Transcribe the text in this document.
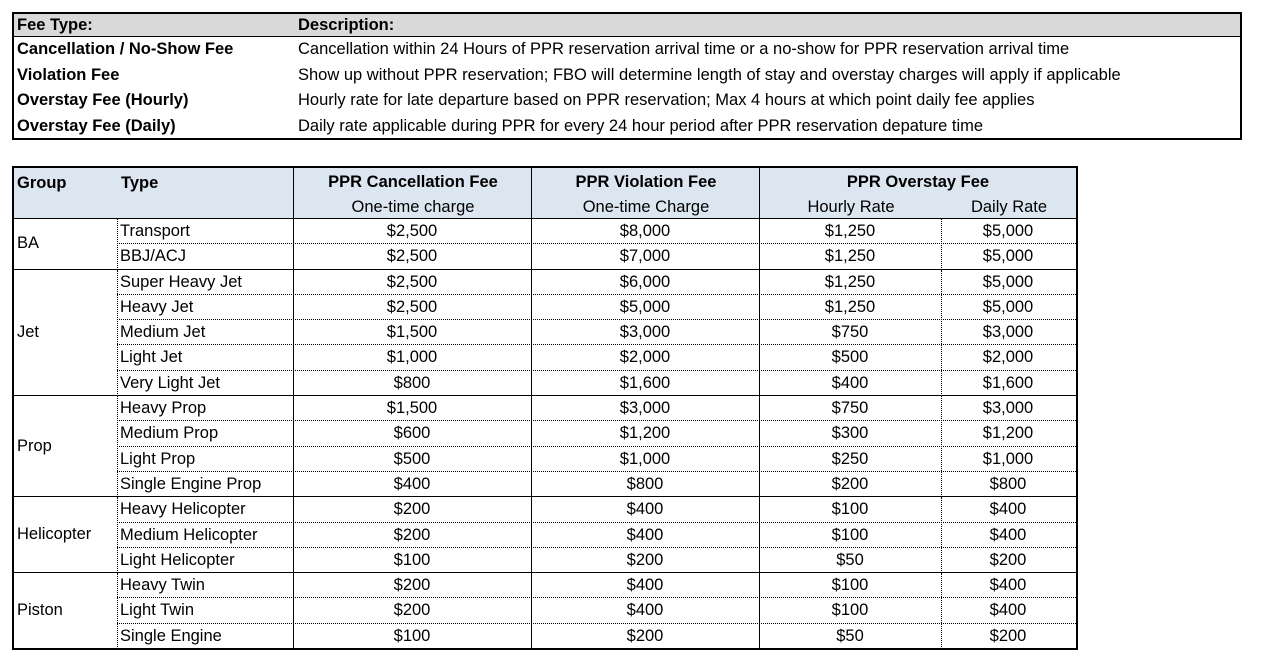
Fee Type:	Description:
Cancellation / No-Show Fee	Cancellation within 24 Hours of PPR reservation arrival time or a no-show for PPR reservation arrival time
Violation Fee	Show up without PPR reservation; FBO will determine length of stay and overstay charges will apply if applicable
Overstay Fee (Hourly)	Hourly rate for late departure based on PPR reservation; Max 4 hours at which point daily fee applies
Overstay Fee (Daily)	Daily rate applicable during PPR for every 24 hour period after PPR reservation depature time
Group	Type	PPR Cancellation Fee
One-time charge
PPR Violation Fee
One-time Charge
PPR Overstay Fee
Hourly Rate	Daily Rate
BA
Transport	$2,500	$8,000	$1,250	$5,000
BBJ/ACJ	$2,500	$7,000	$1,250	$5,000
Jet
Super Heavy Jet	$2,500	$6,000	$1,250	$5,000
Heavy Jet	$2,500	$5,000	$1,250	$5,000
Medium Jet	$1,500	$3,000	$750	$3,000
Light Jet	$1,000	$2,000	$500	$2,000
Very Light Jet	$800	$1,600	$400	$1,600
Prop
Heavy Prop	$1,500	$3,000	$750	$3,000
Medium Prop	$600	$1,200	$300	$1,200
Light Prop	$500	$1,000	$250	$1,000
Single Engine Prop	$400	$800	$200	$800
Helicopter
Heavy Helicopter	$200	$400	$100	$400
Medium Helicopter	$200	$400	$100	$400
Light Helicopter	$100	$200	$50	$200
Piston
Heavy Twin	$200	$400	$100	$400
Light Twin	$200	$400	$100	$400
Single Engine	$100	$200	$50	$200
